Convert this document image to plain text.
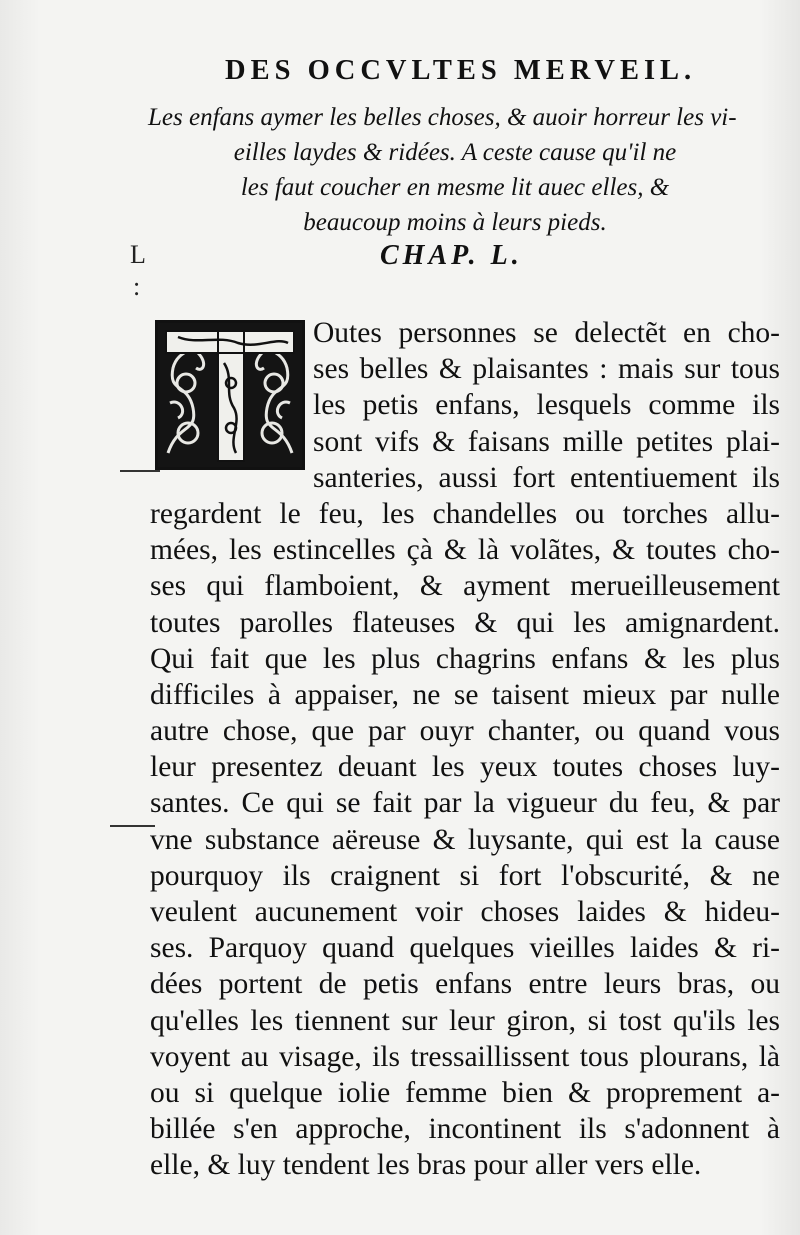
DES OCCVLTES MERVEIL.
Les enfans aymer les belles choses, & auoir horreur les vi-
eilles laydes & ridées. A ceste cause qu'il ne
les faut coucher en mesme lit auec elles, &
beaucoup moins à leurs pieds.
L
:
CHAP. L.
Outes personnes se delectẽt en cho-
ses belles & plaisantes : mais sur tous
les petis enfans, lesquels comme ils
sont vifs & faisans mille petites plai-
santeries, aussi fort ententiuement ils
regardent le feu, les chandelles ou torches allu-
mées, les estincelles çà & là volãtes, & toutes cho-
ses qui flamboient, & ayment merueilleusement
toutes parolles flateuses & qui les amignardent.
Qui fait que les plus chagrins enfans & les plus
difficiles à appaiser, ne se taisent mieux par nulle
autre chose, que par ouyr chanter, ou quand vous
leur presentez deuant les yeux toutes choses luy-
santes. Ce qui se fait par la vigueur du feu, & par
vne substance aëreuse & luysante, qui est la cause
pourquoy ils craignent si fort l'obscurité, & ne
veulent aucunement voir choses laides & hideu-
ses. Parquoy quand quelques vieilles laides & ri-
dées portent de petis enfans entre leurs bras, ou
qu'elles les tiennent sur leur giron, si tost qu'ils les
voyent au visage, ils tressaillissent tous plourans, là
ou si quelque iolie femme bien & proprement a-
billée s'en approche, incontinent ils s'adonnent à
elle, & luy tendent les bras pour aller vers elle.
